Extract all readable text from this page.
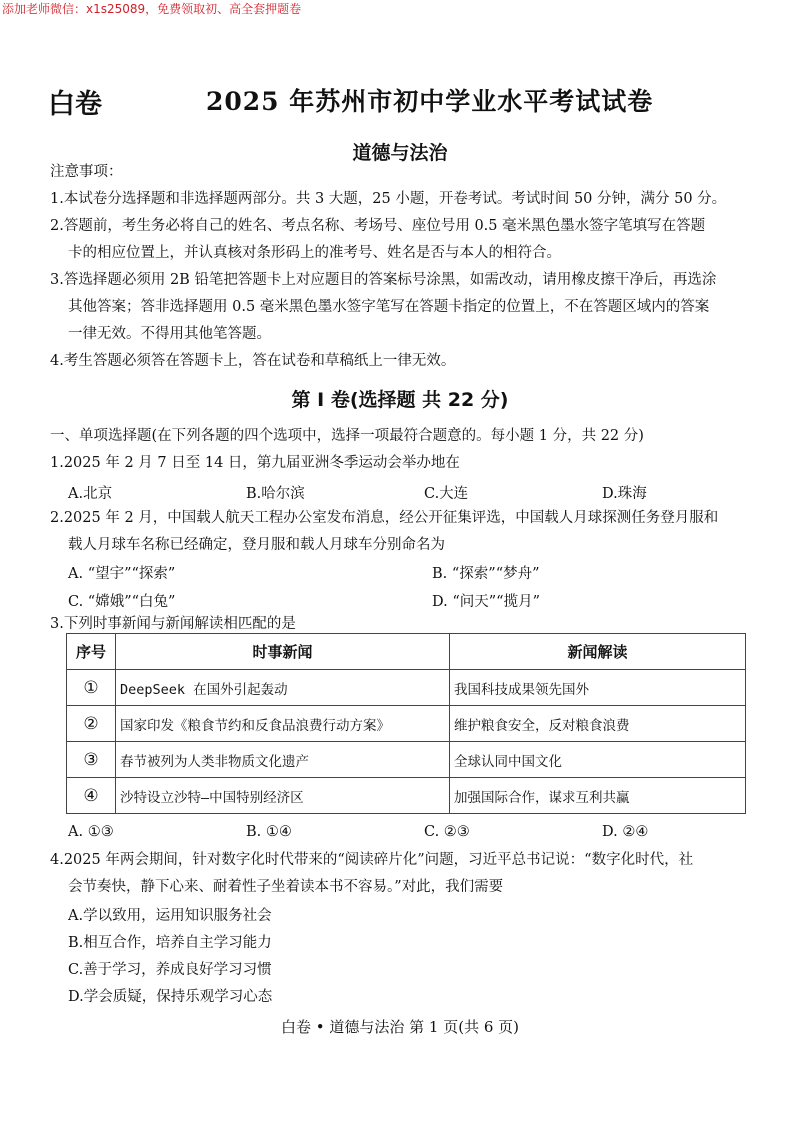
添加老师微信：x1s25089，免费领取初、高全套押题卷
白卷	2025 年苏州市初中学业水平考试试卷
道德与法治
注意事项：
1.本试卷分选择题和非选择题两部分。共 3 大题，25 小题，开卷考试。考试时间 50 分钟，满分 50 分。
2.答题前，考生务必将自己的姓名、考点名称、考场号、座位号用 0.5 毫米黑色墨水签字笔填写在答题
卡的相应位置上，并认真核对条形码上的准考号、姓名是否与本人的相符合。
3.答选择题必须用 2B 铅笔把答题卡上对应题目的答案标号涂黑，如需改动，请用橡皮擦干净后，再选涂
其他答案；答非选择题用 0.5 毫米黑色墨水签字笔写在答题卡指定的位置上，不在答题区域内的答案
一律无效。不得用其他笔答题。
4.考生答题必须答在答题卡上，答在试卷和草稿纸上一律无效。
第 Ⅰ 卷(选择题 共 22 分)
一、单项选择题(在下列各题的四个选项中，选择一项最符合题意的。每小题 1 分，共 22 分)
1.2025 年 2 月 7 日至 14 日，第九届亚洲冬季运动会举办地在
A.北京	B.哈尔滨	C.大连	D.珠海
2.2025 年 2 月，中国载人航天工程办公室发布消息，经公开征集评选，中国载人月球探测任务登月服和
载人月球车名称已经确定，登月服和载人月球车分别命名为
A. “望宇”“探索”	B. “探索”“梦舟”
C. “嫦娥”“白兔”	D. “问天”“揽月”
3.下列时事新闻与新闻解读相匹配的是
序号	时事新闻	新闻解读
①	DeepSeek 在国外引起轰动	我国科技成果领先国外
②	国家印发《粮食节约和反食品浪费行动方案》	维护粮食安全，反对粮食浪费
③	春节被列为人类非物质文化遗产	全球认同中国文化
④	沙特设立沙特—中国特别经济区	加强国际合作，谋求互利共赢
A. ①③	B. ①④	C. ②③	D. ②④
4.2025 年两会期间，针对数字化时代带来的“阅读碎片化”问题，习近平总书记说：“数字化时代，社
会节奏快，静下心来、耐着性子坐着读本书不容易。”对此，我们需要
A.学以致用，运用知识服务社会
B.相互合作，培养自主学习能力
C.善于学习，养成良好学习习惯
D.学会质疑，保持乐观学习心态
白卷 • 道德与法治 第 1 页(共 6 页)
